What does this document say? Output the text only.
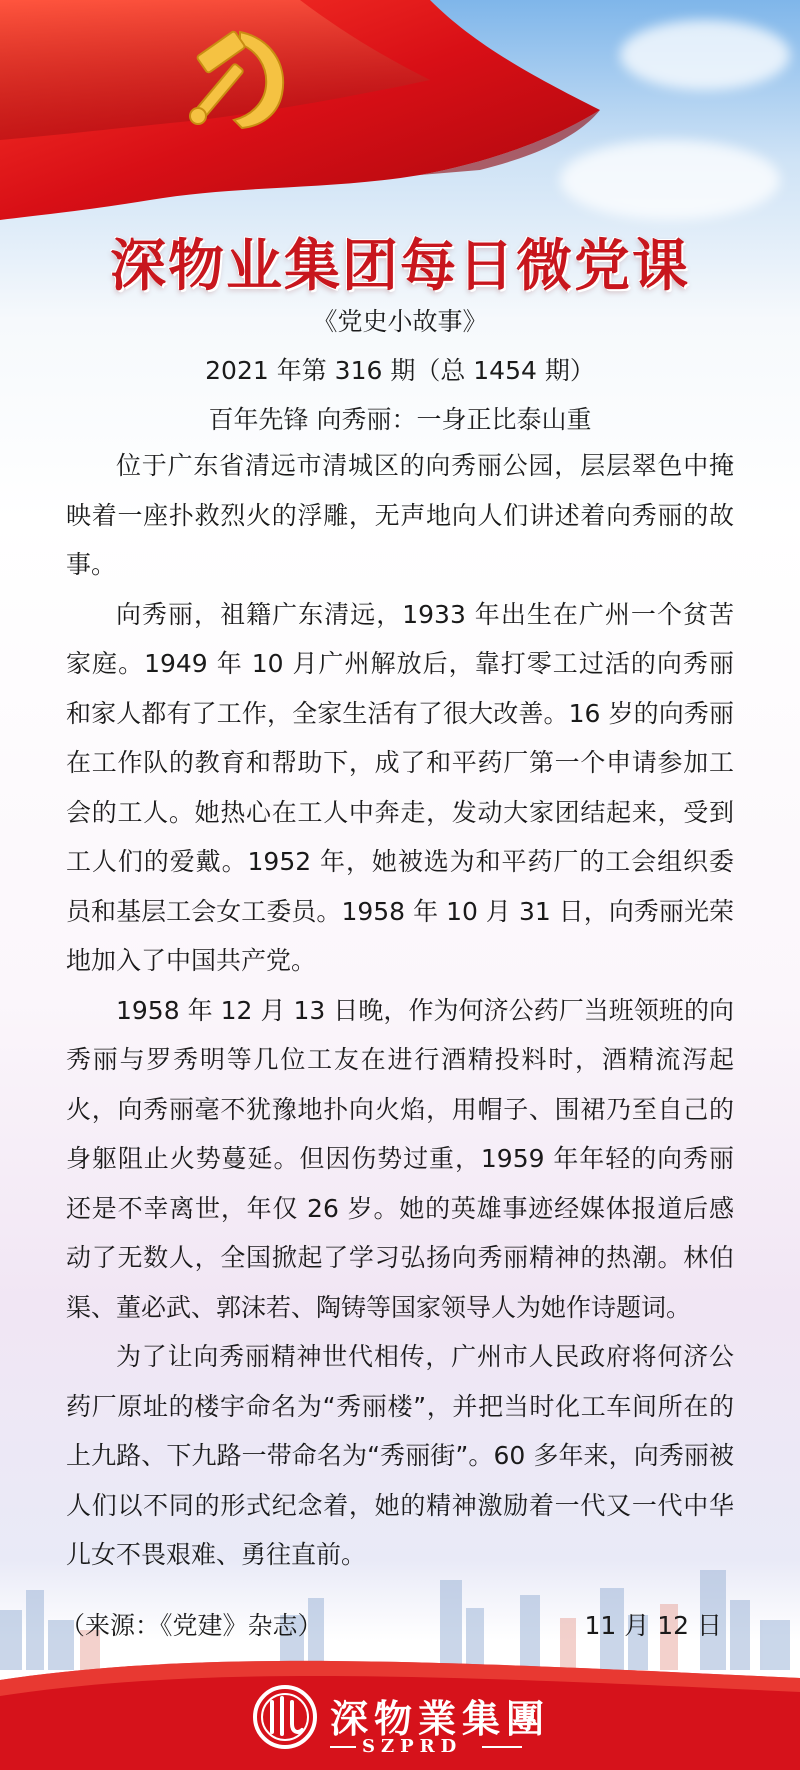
深物业集团每日微党课
《党史小故事》
2021 年第 316 期（总 1454 期）
百年先锋 向秀丽：一身正比泰山重

位于广东省清远市清城区的向秀丽公园，层层翠色中掩映着一座扑救烈火的浮雕，无声地向人们讲述着向秀丽的故事。

向秀丽，祖籍广东清远，1933 年出生在广州一个贫苦家庭。1949 年 10 月广州解放后，靠打零工过活的向秀丽和家人都有了工作，全家生活有了很大改善。16 岁的向秀丽在工作队的教育和帮助下，成了和平药厂第一个申请参加工会的工人。她热心在工人中奔走，发动大家团结起来，受到工人们的爱戴。1952 年，她被选为和平药厂的工会组织委员和基层工会女工委员。1958 年 10 月 31 日，向秀丽光荣地加入了中国共产党。

1958 年 12 月 13 日晚，作为何济公药厂当班领班的向秀丽与罗秀明等几位工友在进行酒精投料时，酒精流泻起火，向秀丽毫不犹豫地扑向火焰，用帽子、围裙乃至自己的身躯阻止火势蔓延。但因伤势过重，1959 年年轻的向秀丽还是不幸离世，年仅 26 岁。她的英雄事迹经媒体报道后感动了无数人，全国掀起了学习弘扬向秀丽精神的热潮。林伯渠、董必武、郭沫若、陶铸等国家领导人为她作诗题词。

为了让向秀丽精神世代相传，广州市人民政府将何济公药厂原址的楼宇命名为“秀丽楼”，并把当时化工车间所在的上九路、下九路一带命名为“秀丽街”。60 多年来，向秀丽被人们以不同的形式纪念着，她的精神激励着一代又一代中华儿女不畏艰难、勇往直前。

（来源：《党建》杂志）	11 月 12 日
深物業集團
SZPRD
